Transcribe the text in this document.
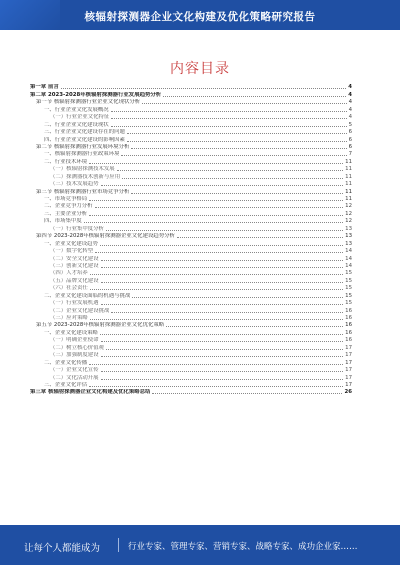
核辐射探测器企业文化构建及优化策略研究报告
内容目录
第一章 前言	4
第二章 2023-2028年核辐射探测器行业发展趋势分析	4
第一节 核辐射探测器行业企业文化现状分析	4
一、行业企业文化发展概况	4
（一）行业企业文化特征	4
二、行业企业文化建设现状	5
三、行业企业文化建设存在的问题	6
四、行业企业文化建设的影响因素	6
第二节 核辐射探测器行业发展环境分析	6
一、核辐射探测器行业政策环境	7
二、行业技术环境	11
（一）核辐射探测技术发展	11
（二）探测器技术创新与应用	11
（三）技术发展趋势	11
第三节 核辐射探测器行业市场竞争分析	11
一、市场竞争格局	11
二、企业竞争力分析	12
三、主要企业分析	12
四、市场集中度	12
（一）行业集中度分析	13
第四节 2023-2028年核辐射探测器企业文化建设趋势分析	13
一、企业文化建设趋势	13
（一）数字化转型	14
（二）安全文化建设	14
（三）创新文化建设	14
（四）人才培养	15
（五）品牌文化建设	15
（六）社会责任	15
二、企业文化建设面临的机遇与挑战	15
（一）行业发展机遇	15
（二）企业文化建设挑战	16
（三）应对策略	16
第五节 2023-2028年核辐射探测器企业文化优化策略	16
一、企业文化建设策略	16
（一）明确企业使命	16
（二）树立核心价值观	17
（三）加强制度建设	17
二、企业文化传播	17
（一）企业文化宣传	17
（二）文化活动开展	17
三、企业文化评估	17
第三章 核辐射探测器企业文化构建及优化策略总结	26
让每个人都能成为	行业专家、管理专家、营销专家、战略专家、成功企业家……
